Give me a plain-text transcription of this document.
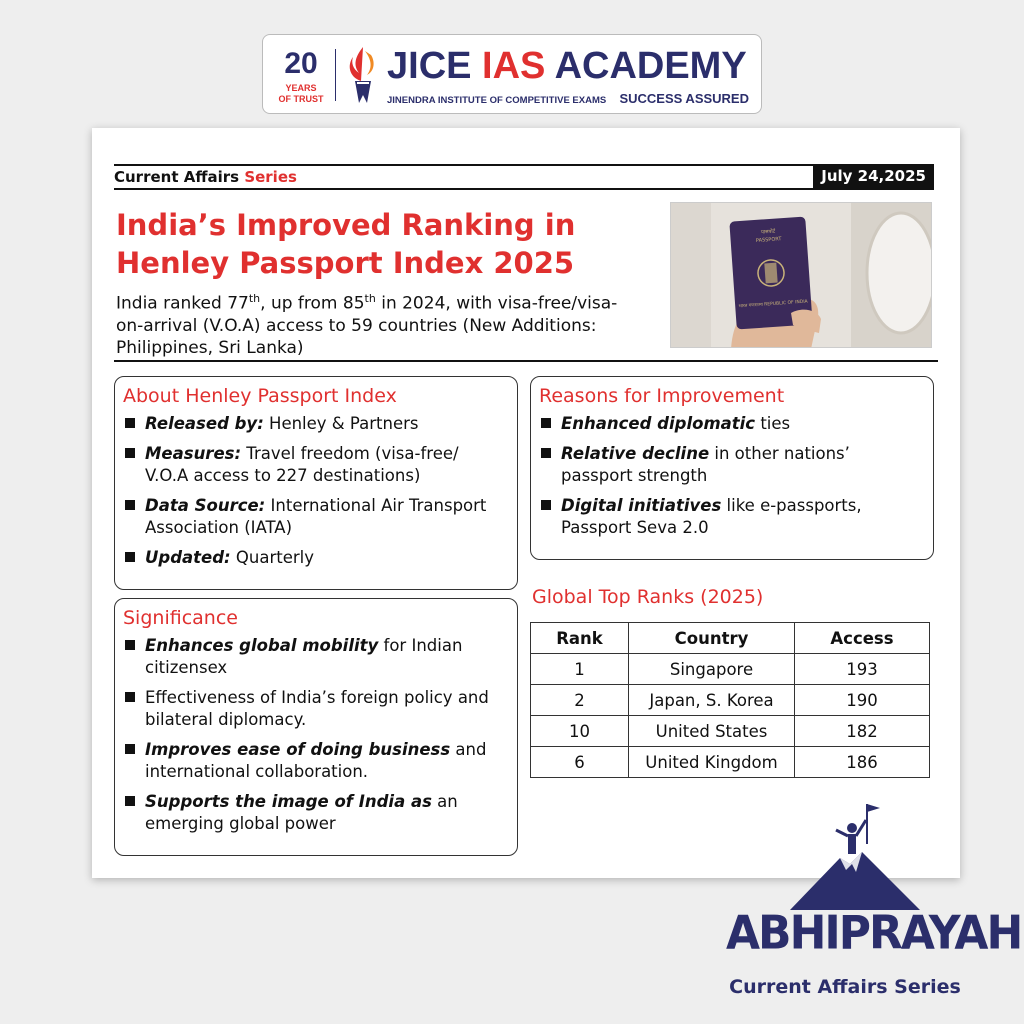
20
YEARS
OF TRUST
JICE IAS ACADEMY
JINENDRA INSTITUTE OF COMPETITIVE EXAMS SUCCESS ASSURED
Current Affairs Series	July 24,2025
India’s Improved Ranking in
Henley Passport Index 2025
India ranked 77th, up from 85th in 2024, with visa-free/visa-on-arrival (V.O.A) access to 59 countries (New Additions: Philippines, Sri Lanka)
पासपोर्ट
PASSPORT
भारत गणराज्य REPUBLIC OF INDIA
About Henley Passport Index
Released by: Henley & Partners
Measures: Travel freedom (visa-free/ V.O.A access to 227 destinations)
Data Source: International Air Transport Association (IATA)
Updated: Quarterly
Significance
Enhances global mobility for Indian citizensex
Effectiveness of India’s foreign policy and bilateral diplomacy.
Improves ease of doing business and international collaboration.
Supports the image of India as an emerging global power
Reasons for Improvement
Enhanced diplomatic ties
Relative decline in other nations’ passport strength
Digital initiatives like e-passports, Passport Seva 2.0
Global Top Ranks (2025)
Rank	Country	Access
1	Singapore	193
2	Japan, S. Korea	190
10	United States	182
6	United Kingdom	186
ABHIPRAYAH
Current Affairs Series
